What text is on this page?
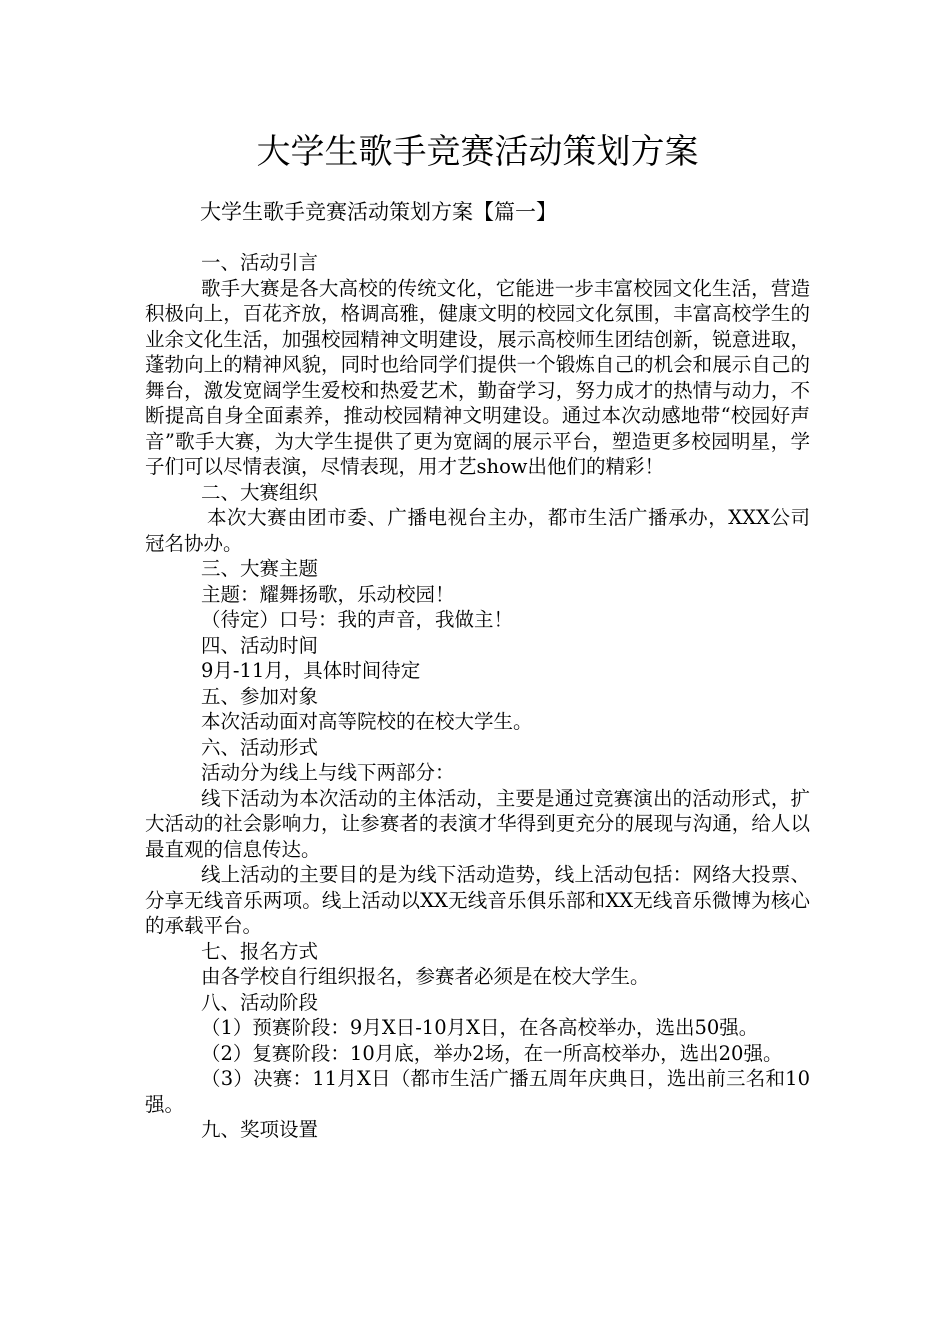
大学生歌手竞赛活动策划方案

大学生歌手竞赛活动策划方案【篇一】

一、活动引言

歌手大赛是各大高校的传统文化，它能进一步丰富校园文化生活，营造积极向上，百花齐放，格调高雅，健康文明的校园文化氛围，丰富高校学生的业余文化生活，加强校园精神文明建设，展示高校师生团结创新，锐意进取，蓬勃向上的精神风貌，同时也给同学们提供一个锻炼自己的机会和展示自己的舞台，激发宽阔学生爱校和热爱艺术，勤奋学习，努力成才的热情与动力，不断提高自身全面素养，推动校园精神文明建设。通过本次动感地带“校园好声音”歌手大赛，为大学生提供了更为宽阔的展示平台，塑造更多校园明星，学子们可以尽情表演，尽情表现，用才艺show出他们的精彩！

二、大赛组织

本次大赛由团市委、广播电视台主办，都市生活广播承办，XXX公司冠名协办。

三、大赛主题

主题：耀舞扬歌，乐动校园！

（待定）口号：我的声音，我做主！

四、活动时间

9月-11月，具体时间待定

五、参加对象

本次活动面对高等院校的在校大学生。

六、活动形式

活动分为线上与线下两部分：

线下活动为本次活动的主体活动，主要是通过竞赛演出的活动形式，扩大活动的社会影响力，让参赛者的表演才华得到更充分的展现与沟通，给人以最直观的信息传达。

线上活动的主要目的是为线下活动造势，线上活动包括：网络大投票、分享无线音乐两项。线上活动以XX无线音乐俱乐部和XX无线音乐微博为核心的承载平台。

七、报名方式

由各学校自行组织报名，参赛者必须是在校大学生。

八、活动阶段

（1）预赛阶段：9月X日-10月X日，在各高校举办，选出50强。

（2）复赛阶段：10月底，举办2场，在一所高校举办，选出20强。

（3）决赛：11月X日（都市生活广播五周年庆典日，选出前三名和10强。

九、奖项设置
